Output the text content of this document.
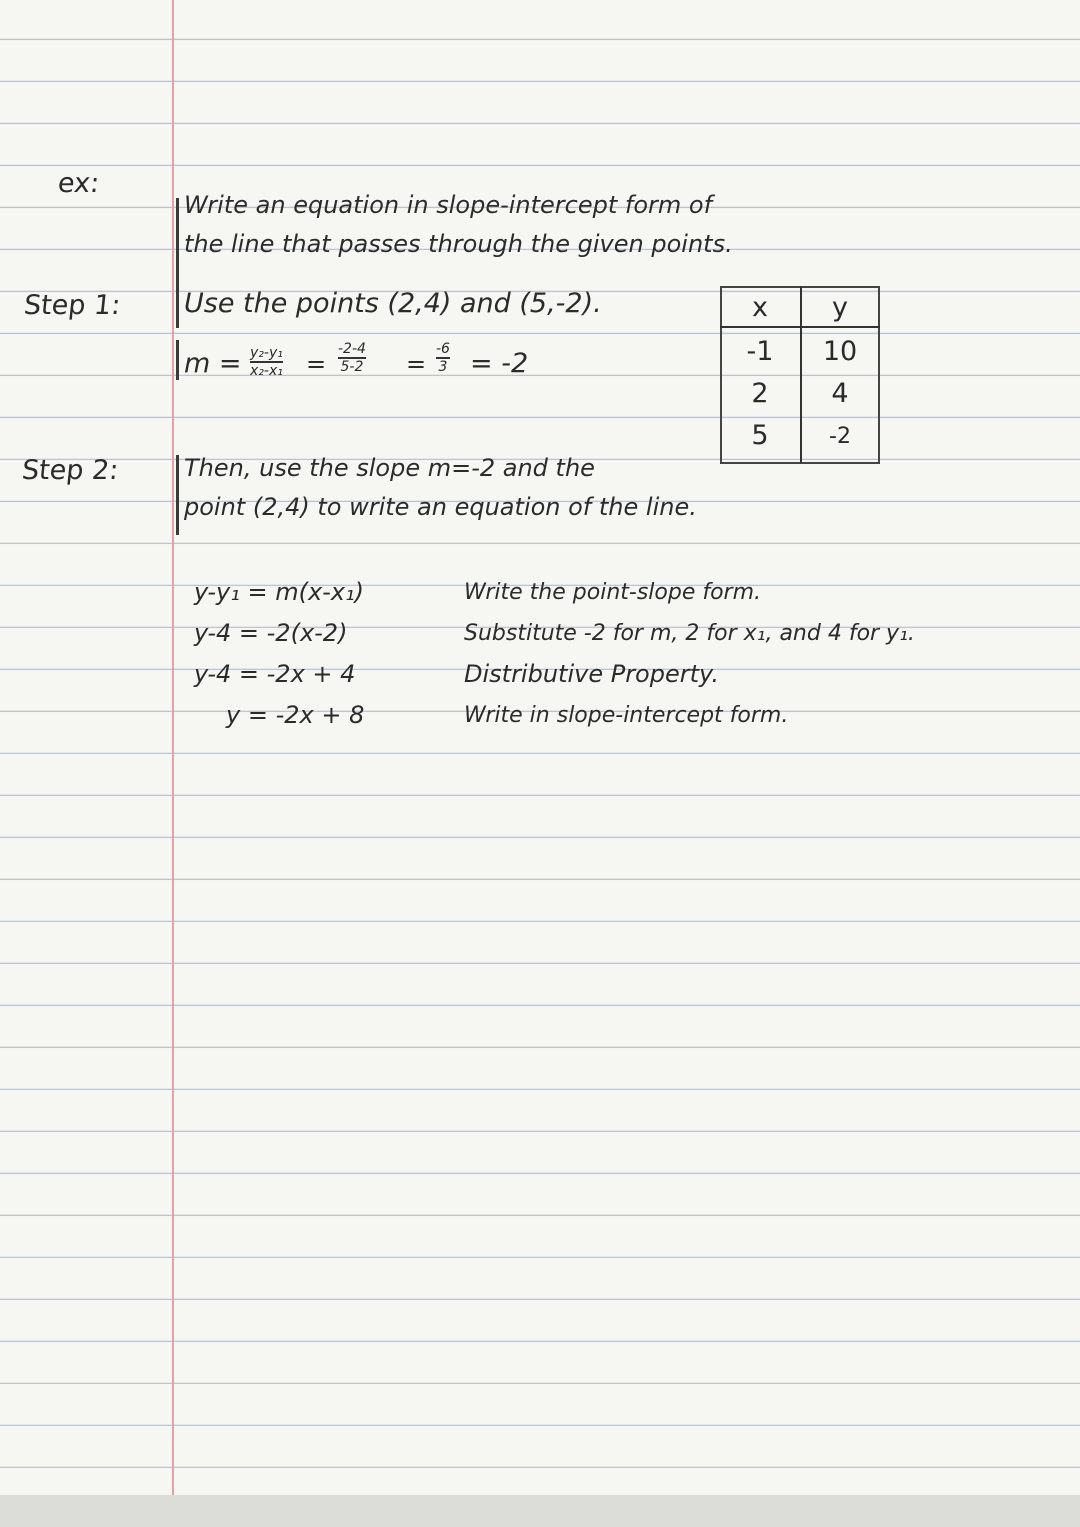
ex:
Step 1:
Step 2:
Write an equation in slope-intercept form of
the line that passes through the given points.
Use the points (2,4) and (5,-2).
m = y₂-y₁
x₂-x₁ =
-2-4
5-2 =
-6
3 = -2
x	y
-1	10
2	4
5	-2
Then, use the slope m=-2 and the
point (2,4) to write an equation of the line.
y-y₁ = m(x-x₁)	Write the point-slope form.
y-4 = -2(x-2)	Substitute -2 for m, 2 for x₁, and 4 for y₁.
y-4 = -2x + 4	Distributive Property.
y = -2x + 8	Write in slope-intercept form.
